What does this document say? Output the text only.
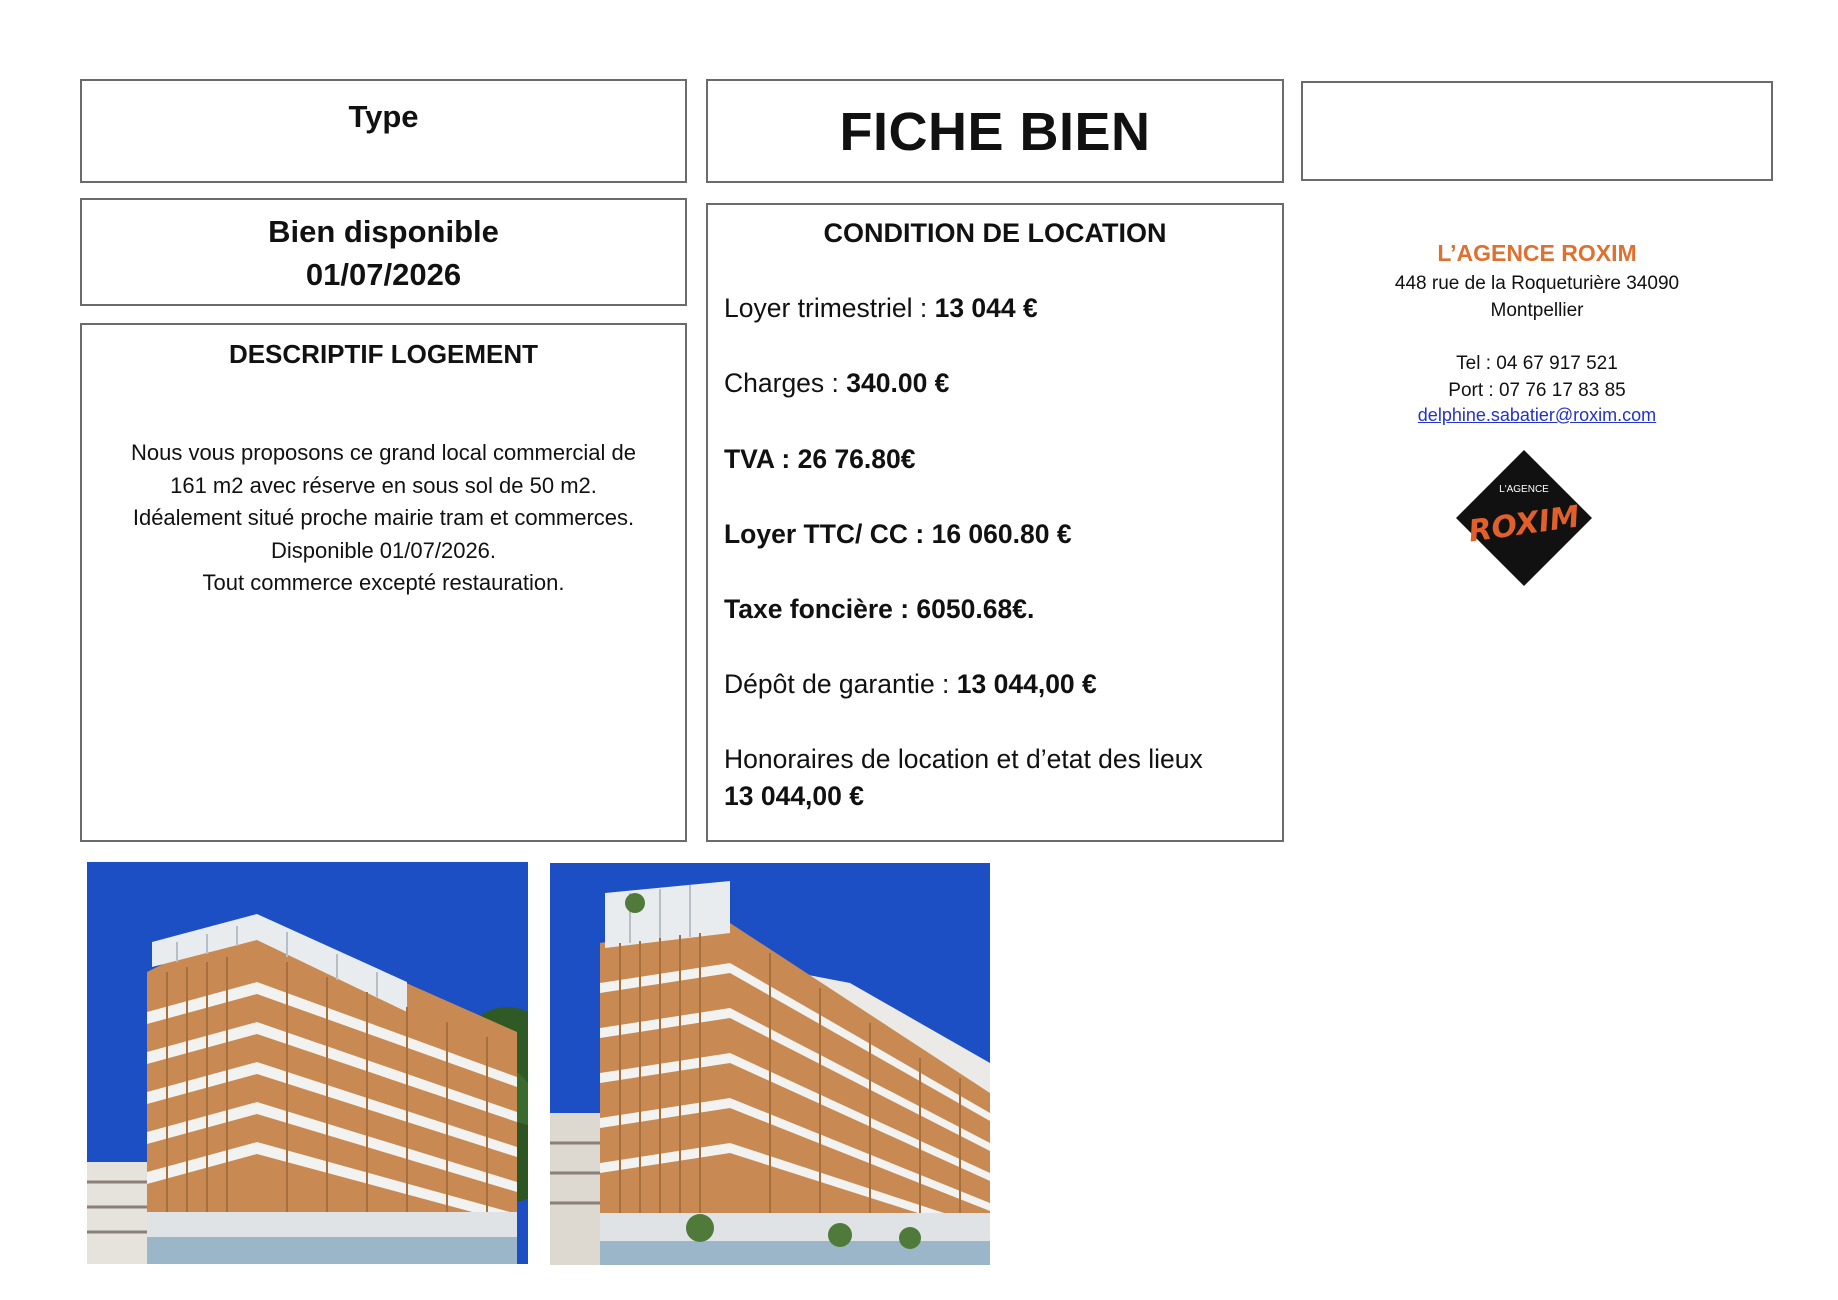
Type	FICHE BIEN
Bien disponible
01/07/2026
DESCRIPTIF LOGEMENT
Nous vous proposons ce grand local commercial de
161 m2 avec réserve en sous sol de 50 m2.
Idéalement situé proche mairie tram et commerces.
Disponible 01/07/2026.
Tout commerce excepté restauration.
CONDITION DE LOCATION
Loyer trimestriel : 13 044 €
Charges : 340.00 €
TVA : 26 76.80€
Loyer TTC/ CC : 16 060.80 €
Taxe foncière : 6050.68€.
Dépôt de garantie : 13 044,00 €
Honoraires de location et d’etat des lieux
13 044,00 €
L’AGENCE ROXIM
448 rue de la Roqueturière 34090
Montpellier
Tel : 04 67 917 521
Port : 07 76 17 83 85
delphine.sabatier@roxim.com
L'AGENCE
ROXIM
